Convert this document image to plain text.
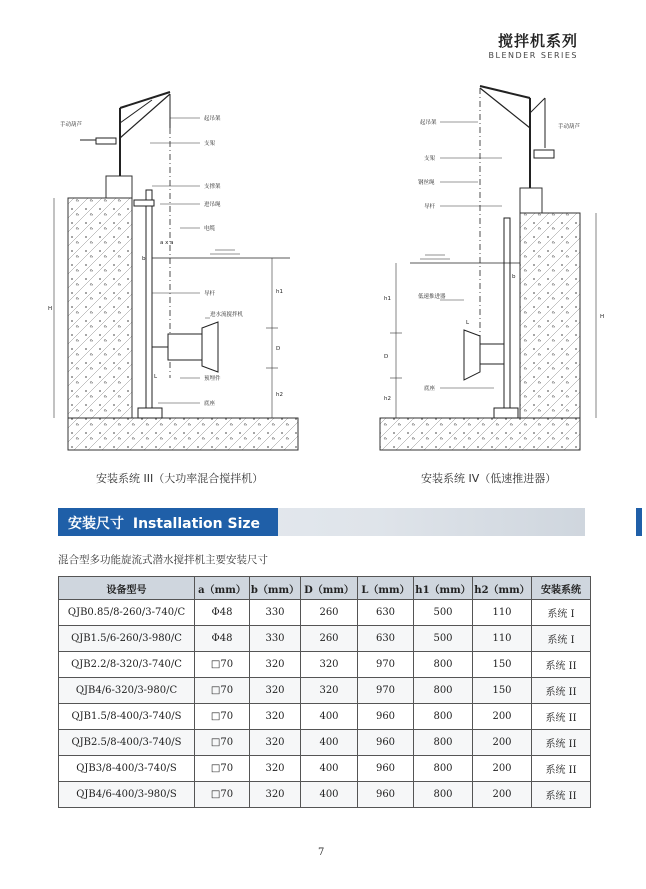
搅拌机系列
BLENDER SERIES
手动葫芦
起吊架
支架
支撑架
进吊绳
电缆
导杆
进水流搅拌机
底座
预埋件
a x a
b
L
h1
D
h2
H
起吊架
手动葫芦
支架
钢丝绳
导杆
低速推进器
底座
b
h1
D
h2
H
L
安装系统 III（大功率混合搅拌机）	安装系统 IV（低速推进器）
安装尺寸 Installation Size
混合型多功能旋流式潜水搅拌机主要安装尺寸
设备型号	a（mm）	b（mm）	D（mm）	L（mm）	h1（mm）	h2（mm）	安装系统
QJB0.85/8-260/3-740/C	Φ48	330	260	630	500	110	系统 I
QJB1.5/6-260/3-980/C	Φ48	330	260	630	500	110	系统 I
QJB2.2/8-320/3-740/C	□70	320	320	970	800	150	系统 II
QJB4/6-320/3-980/C	□70	320	320	970	800	150	系统 II
QJB1.5/8-400/3-740/S	□70	320	400	960	800	200	系统 II
QJB2.5/8-400/3-740/S	□70	320	400	960	800	200	系统 II
QJB3/8-400/3-740/S	□70	320	400	960	800	200	系统 II
QJB4/6-400/3-980/S	□70	320	400	960	800	200	系统 II
7
